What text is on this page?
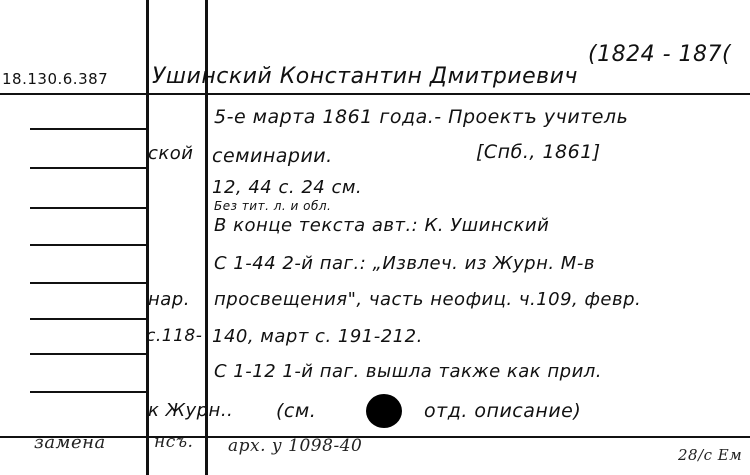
(1824 - 187(
18.130.6.387 Ушинский Константин Дмитриевич
5-е марта 1861 года.- Проектъ учитель
ской семинарии.	[Спб., 1861]
12, 44 с. 24 см.
Без тит. л. и обл.
В конце текста авт.: К. Ушинский
С 1-44 2-й паг.: „Извлеч. из Журн. М-в
нар. просвещения", часть неофиц. ч.109, февр.
с.118- 140, март с. 191-212.
С 1-12 1-й паг. вышла также как прил.
к Журн.. (см.	отд. описание)
замена	нсъ. арх. у 1098-40	28/с Ем
